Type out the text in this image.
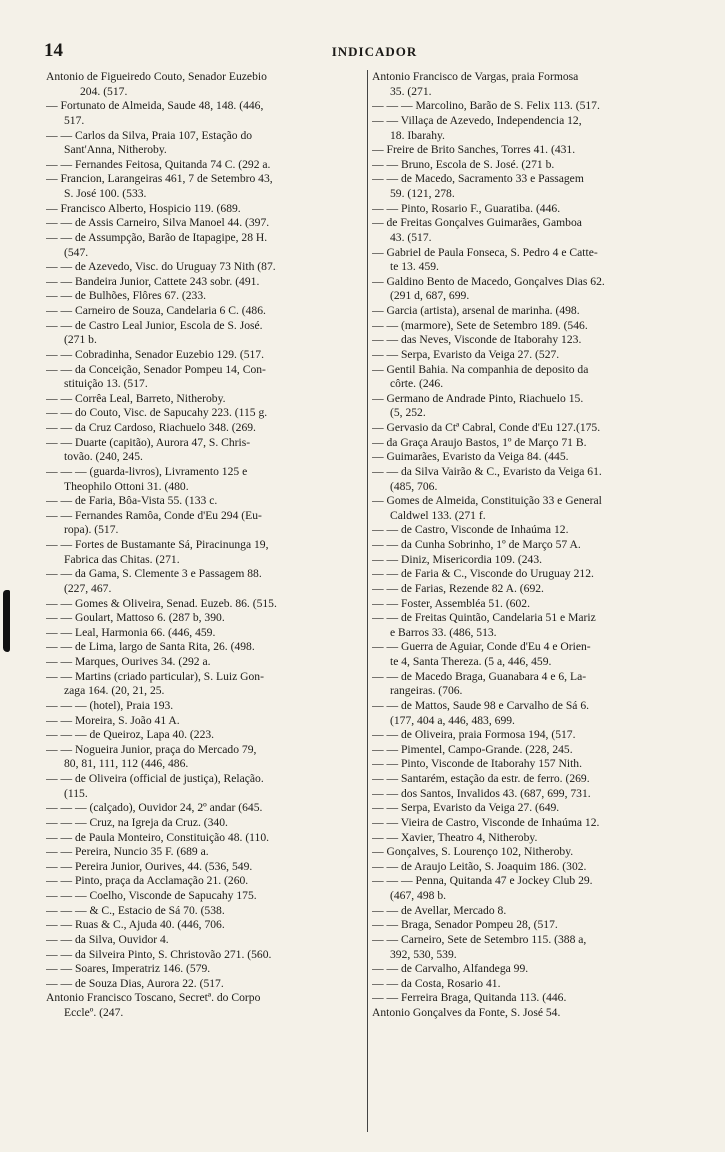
14	INDICADOR
Antonio de Figueiredo Couto, Senador Euzebio
204. (517.
— Fortunato de Almeida, Saude 48, 148. (446,
517.
— — Carlos da Silva, Praia 107, Estação do
Sant'Anna, Nitheroby.
— — Fernandes Feitosa, Quitanda 74 C. (292 a.
— Francion, Larangeiras 461, 7 de Setembro 43,
S. José 100. (533.
— Francisco Alberto, Hospicio 119. (689.
— — de Assis Carneiro, Silva Manoel 44. (397.
— — de Assumpção, Barão de Itapagipe, 28 H.
(547.
— — de Azevedo, Visc. do Uruguay 73 Nith (87.
— — Bandeira Junior, Cattete 243 sobr. (491.
— — de Bulhões, Flôres 67. (233.
— — Carneiro de Souza, Candelaria 6 C. (486.
— — de Castro Leal Junior, Escola de S. José.
(271 b.
— — Cobradinha, Senador Euzebio 129. (517.
— — da Conceição, Senador Pompeu 14, Con-
stituição 13. (517.
— — Corrêa Leal, Barreto, Nitheroby.
— — do Couto, Visc. de Sapucahy 223. (115 g.
— — da Cruz Cardoso, Riachuelo 348. (269.
— — Duarte (capitão), Aurora 47, S. Chris-
tovão. (240, 245.
— — — (guarda-livros), Livramento 125 e
Theophilo Ottoni 31. (480.
— — de Faria, Bôa-Vista 55. (133 c.
— — Fernandes Ramôa, Conde d'Eu 294 (Eu-
ropa). (517.
— — Fortes de Bustamante Sá, Piracinunga 19,
Fabrica das Chitas. (271.
— — da Gama, S. Clemente 3 e Passagem 88.
(227, 467.
— — Gomes & Oliveira, Senad. Euzeb. 86. (515.
— — Goulart, Mattoso 6. (287 b, 390.
— — Leal, Harmonia 66. (446, 459.
— — de Lima, largo de Santa Rita, 26. (498.
— — Marques, Ourives 34. (292 a.
— — Martins (criado particular), S. Luiz Gon-
zaga 164. (20, 21, 25.
— — — (hotel), Praia 193.
— — Moreira, S. João 41 A.
— — — de Queiroz, Lapa 40. (223.
— — Nogueira Junior, praça do Mercado 79,
80, 81, 111, 112 (446, 486.
— — de Oliveira (official de justiça), Relação.
(115.
— — — (calçado), Ouvidor 24, 2º andar (645.
— — — Cruz, na Igreja da Cruz. (340.
— — de Paula Monteiro, Constituição 48. (110.
— — Pereira, Nuncio 35 F. (689 a.
— — Pereira Junior, Ourives, 44. (536, 549.
— — Pinto, praça da Acclamação 21. (260.
— — — Coelho, Visconde de Sapucahy 175.
— — — & C., Estacio de Sá 70. (538.
— — Ruas & C., Ajuda 40. (446, 706.
— — da Silva, Ouvidor 4.
— — da Silveira Pinto, S. Christovão 271. (560.
— — Soares, Imperatriz 146. (579.
— — de Souza Dias, Aurora 22. (517.
Antonio Francisco Toscano, Secretª. do Corpo
Eccleº. (247.
Antonio Francisco de Vargas, praia Formosa
35. (271.
— — — Marcolino, Barão de S. Felix 113. (517.
— — Villaça de Azevedo, Independencia 12,
18. Ibarahy.
— Freire de Brito Sanches, Torres 41. (431.
— — Bruno, Escola de S. José. (271 b.
— — de Macedo, Sacramento 33 e Passagem
59. (121, 278.
— — Pinto, Rosario F., Guaratiba. (446.
— de Freitas Gonçalves Guimarães, Gamboa
43. (517.
— Gabriel de Paula Fonseca, S. Pedro 4 e Catte-
te 13. 459.
— Galdino Bento de Macedo, Gonçalves Dias 62.
(291 d, 687, 699.
— Garcia (artista), arsenal de marinha. (498.
— — (marmore), Sete de Setembro 189. (546.
— — das Neves, Visconde de Itaborahy 123.
— — Serpa, Evaristo da Veiga 27. (527.
— Gentil Bahia. Na companhia de deposito da
côrte. (246.
— Germano de Andrade Pinto, Riachuelo 15.
(5, 252.
— Gervasio da Ctª Cabral, Conde d'Eu 127.(175.
— da Graça Araujo Bastos, 1º de Março 71 B.
— Guimarães, Evaristo da Veiga 84. (445.
— — da Silva Vairão & C., Evaristo da Veiga 61.
(485, 706.
— Gomes de Almeida, Constituição 33 e General
Caldwel 133. (271 f.
— — de Castro, Visconde de Inhaúma 12.
— — da Cunha Sobrinho, 1º de Março 57 A.
— — Diniz, Misericordia 109. (243.
— — de Faria & C., Visconde do Uruguay 212.
— — de Farias, Rezende 82 A. (692.
— — Foster, Assembléa 51. (602.
— — de Freitas Quintão, Candelaria 51 e Mariz
e Barros 33. (486, 513.
— — Guerra de Aguiar, Conde d'Eu 4 e Orien-
te 4, Santa Thereza. (5 a, 446, 459.
— — de Macedo Braga, Guanabara 4 e 6, La-
rangeiras. (706.
— — de Mattos, Saude 98 e Carvalho de Sá 6.
(177, 404 a, 446, 483, 699.
— — de Oliveira, praia Formosa 194, (517.
— — Pimentel, Campo-Grande. (228, 245.
— — Pinto, Visconde de Itaborahy 157 Nith.
— — Santarém, estação da estr. de ferro. (269.
— — dos Santos, Invalidos 43. (687, 699, 731.
— — Serpa, Evaristo da Veiga 27. (649.
— — Vieira de Castro, Visconde de Inhaúma 12.
— — Xavier, Theatro 4, Nitheroby.
— Gonçalves, S. Lourenço 102, Nitheroby.
— — de Araujo Leitão, S. Joaquim 186. (302.
— — — Penna, Quitanda 47 e Jockey Club 29.
(467, 498 b.
— — de Avellar, Mercado 8.
— — Braga, Senador Pompeu 28, (517.
— — Carneiro, Sete de Setembro 115. (388 a,
392, 530, 539.
— — de Carvalho, Alfandega 99.
— — da Costa, Rosario 41.
— — Ferreira Braga, Quitanda 113. (446.
Antonio Gonçalves da Fonte, S. José 54.
